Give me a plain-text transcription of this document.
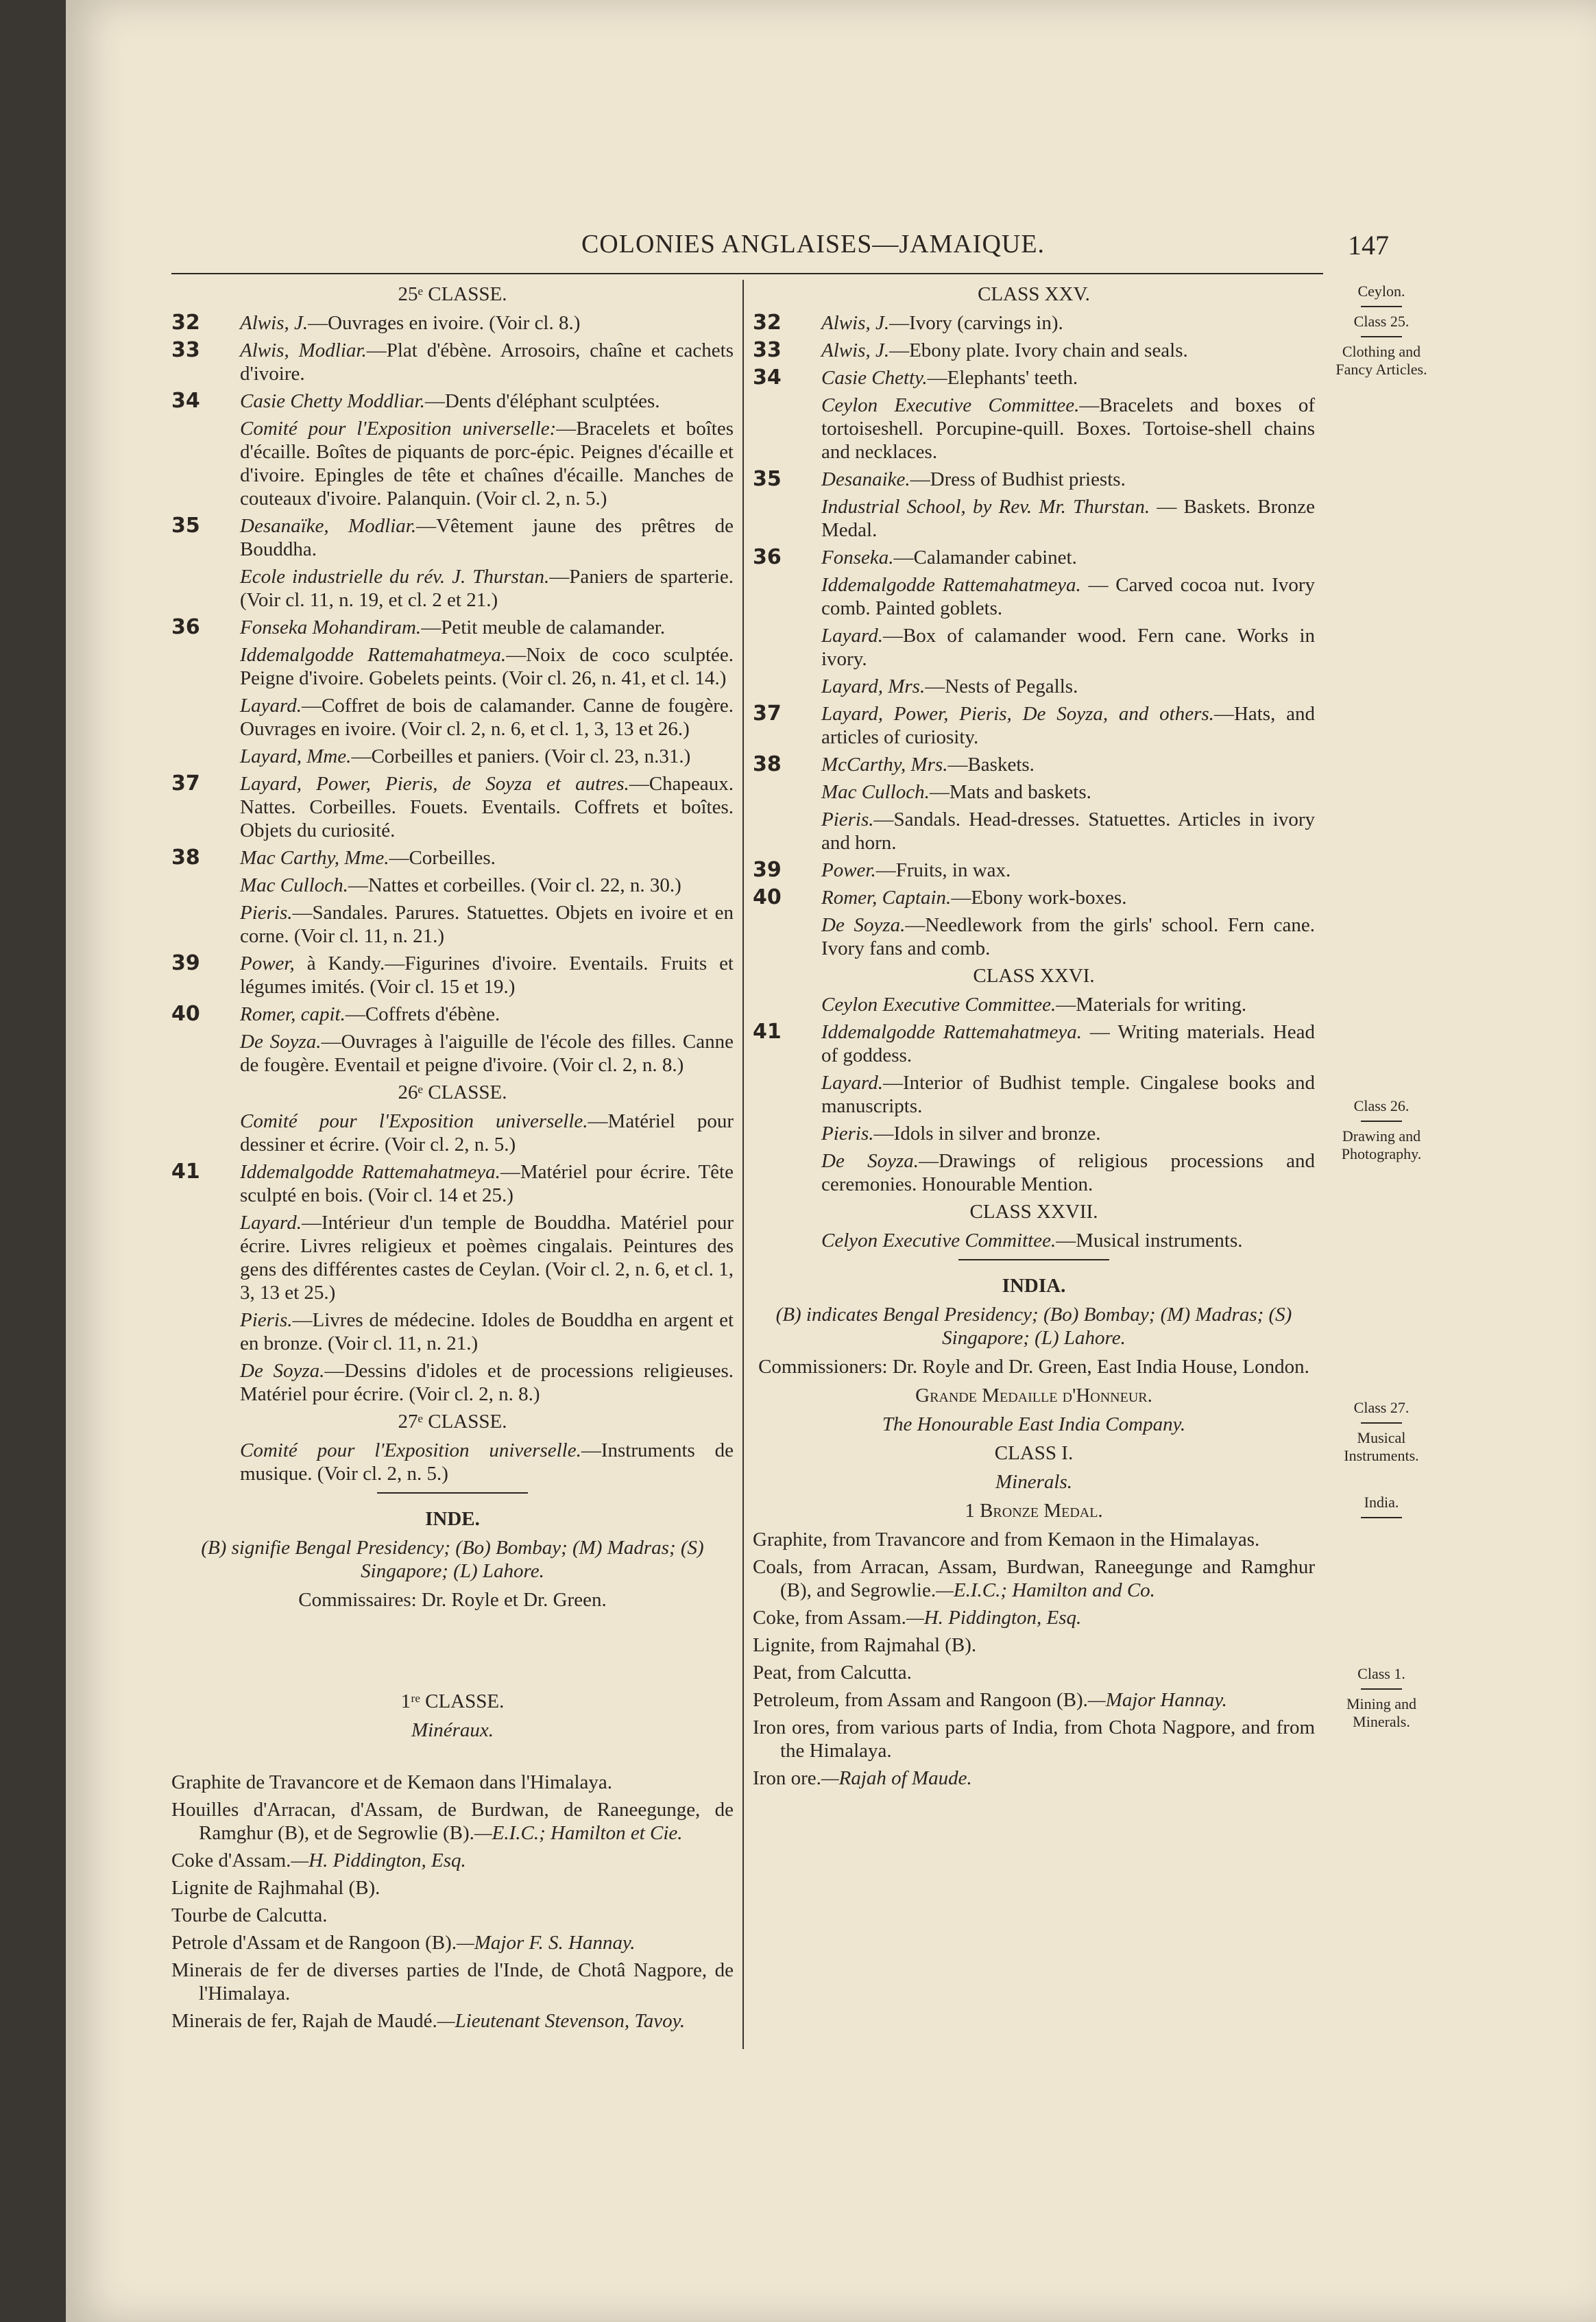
COLONIES ANGLAISES—JAMAIQUE.	147
25ᵉ CLASSE.
32	Alwis, J.—Ouvrages en ivoire. (Voir cl. 8.)
33	Alwis, Modliar.—Plat d'ébène. Arrosoirs, chaîne et cachets d'ivoire.
34	Casie Chetty Moddliar.—Dents d'éléphant sculptées.
Comité pour l'Exposition universelle:—Bracelets et boîtes d'écaille. Boîtes de piquants de porc-épic. Peignes d'écaille et d'ivoire. Epingles de tête et chaînes d'écaille. Manches de couteaux d'ivoire. Palanquin. (Voir cl. 2, n. 5.)
35	Desanaïke, Modliar.—Vêtement jaune des prêtres de Bouddha.
Ecole industrielle du rév. J. Thurstan.—Paniers de sparterie. (Voir cl. 11, n. 19, et cl. 2 et 21.)
36	Fonseka Mohandiram.—Petit meuble de calamander.
Iddemalgodde Rattemahatmeya.—Noix de coco sculptée. Peigne d'ivoire. Gobelets peints. (Voir cl. 26, n. 41, et cl. 14.)
Layard.—Coffret de bois de calamander. Canne de fougère. Ouvrages en ivoire. (Voir cl. 2, n. 6, et cl. 1, 3, 13 et 26.)
Layard, Mme.—Corbeilles et paniers. (Voir cl. 23, n.31.)
37	Layard, Power, Pieris, de Soyza et autres.—Chapeaux. Nattes. Corbeilles. Fouets. Eventails. Coffrets et boîtes. Objets du curiosité.
38	Mac Carthy, Mme.—Corbeilles.
Mac Culloch.—Nattes et corbeilles. (Voir cl. 22, n. 30.)
Pieris.—Sandales. Parures. Statuettes. Objets en ivoire et en corne. (Voir cl. 11, n. 21.)
39	Power, à Kandy.—Figurines d'ivoire. Eventails. Fruits et légumes imités. (Voir cl. 15 et 19.)
40	Romer, capit.—Coffrets d'ébène.
De Soyza.—Ouvrages à l'aiguille de l'école des filles. Canne de fougère. Eventail et peigne d'ivoire. (Voir cl. 2, n. 8.)
26ᵉ CLASSE.
Comité pour l'Exposition universelle.—Matériel pour dessiner et écrire. (Voir cl. 2, n. 5.)
41	Iddemalgodde Rattemahatmeya.—Matériel pour écrire. Tête sculpté en bois. (Voir cl. 14 et 25.)
Layard.—Intérieur d'un temple de Bouddha. Matériel pour écrire. Livres religieux et poèmes cingalais. Peintures des gens des différentes castes de Ceylan. (Voir cl. 2, n. 6, et cl. 1, 3, 13 et 25.)
Pieris.—Livres de médecine. Idoles de Bouddha en argent et en bronze. (Voir cl. 11, n. 21.)
De Soyza.—Dessins d'idoles et de processions religieuses. Matériel pour écrire. (Voir cl. 2, n. 8.)
27ᵉ CLASSE.
Comité pour l'Exposition universelle.—Instruments de musique. (Voir cl. 2, n. 5.)
INDE.
(B) signifie Bengal Presidency; (Bo) Bombay; (M) Madras; (S) Singapore; (L) Lahore.
Commissaires: Dr. Royle et Dr. Green.
1ʳᵉ CLASSE.
Minéraux.
Graphite de Travancore et de Kemaon dans l'Himalaya.
Houilles d'Arracan, d'Assam, de Burdwan, de Raneegunge, de Ramghur (B), et de Segrowlie (B).—E.I.C.; Hamilton et Cie.
Coke d'Assam.—H. Piddington, Esq.
Lignite de Rajhmahal (B).
Tourbe de Calcutta.
Petrole d'Assam et de Rangoon (B).—Major F. S. Hannay.
Minerais de fer de diverses parties de l'Inde, de Chotâ Nagpore, de l'Himalaya.
Minerais de fer, Rajah de Maudé.—Lieutenant Stevenson, Tavoy.
CLASS XXV.
32	Alwis, J.—Ivory (carvings in).
33	Alwis, J.—Ebony plate. Ivory chain and seals.
34	Casie Chetty.—Elephants' teeth.
Ceylon Executive Committee.—Bracelets and boxes of tortoiseshell. Porcupine-quill. Boxes. Tortoise-shell chains and necklaces.
35	Desanaike.—Dress of Budhist priests.
Industrial School, by Rev. Mr. Thurstan. — Baskets. Bronze Medal.
36	Fonseka.—Calamander cabinet.
Iddemalgodde Rattemahatmeya. — Carved cocoa nut. Ivory comb. Painted goblets.
Layard.—Box of calamander wood. Fern cane. Works in ivory.
Layard, Mrs.—Nests of Pegalls.
37	Layard, Power, Pieris, De Soyza, and others.—Hats, and articles of curiosity.
38	McCarthy, Mrs.—Baskets.
Mac Culloch.—Mats and baskets.
Pieris.—Sandals. Head-dresses. Statuettes. Articles in ivory and horn.
39	Power.—Fruits, in wax.
40	Romer, Captain.—Ebony work-boxes.
De Soyza.—Needlework from the girls' school. Fern cane. Ivory fans and comb.
CLASS XXVI.
Ceylon Executive Committee.—Materials for writing.
41	Iddemalgodde Rattemahatmeya. — Writing materials. Head of goddess.
Layard.—Interior of Budhist temple. Cingalese books and manuscripts.
Pieris.—Idols in silver and bronze.
De Soyza.—Drawings of religious processions and ceremonies. Honourable Mention.
CLASS XXVII.
Celyon Executive Committee.—Musical instruments.
INDIA.
(B) indicates Bengal Presidency; (Bo) Bombay; (M) Madras; (S) Singapore; (L) Lahore.
Commissioners: Dr. Royle and Dr. Green, East India House, London.
Grande Medaille d'Honneur.
The Honourable East India Company.
CLASS I.
Minerals.
1 Bronze Medal.
Graphite, from Travancore and from Kemaon in the Himalayas.
Coals, from Arracan, Assam, Burdwan, Raneegunge and Ramghur (B), and Segrowlie.—E.I.C.; Hamilton and Co.
Coke, from Assam.—H. Piddington, Esq.
Lignite, from Rajmahal (B).
Peat, from Calcutta.
Petroleum, from Assam and Rangoon (B).—Major Hannay.
Iron ores, from various parts of India, from Chota Nagpore, and from the Himalaya.
Iron ore.—Rajah of Maude.
Ceylon.
Class 25.
Clothing and Fancy Articles.
Class 26.
Drawing and Photography.
Class 27.
Musical Instruments.
India.
Class 1.
Mining and Minerals.
